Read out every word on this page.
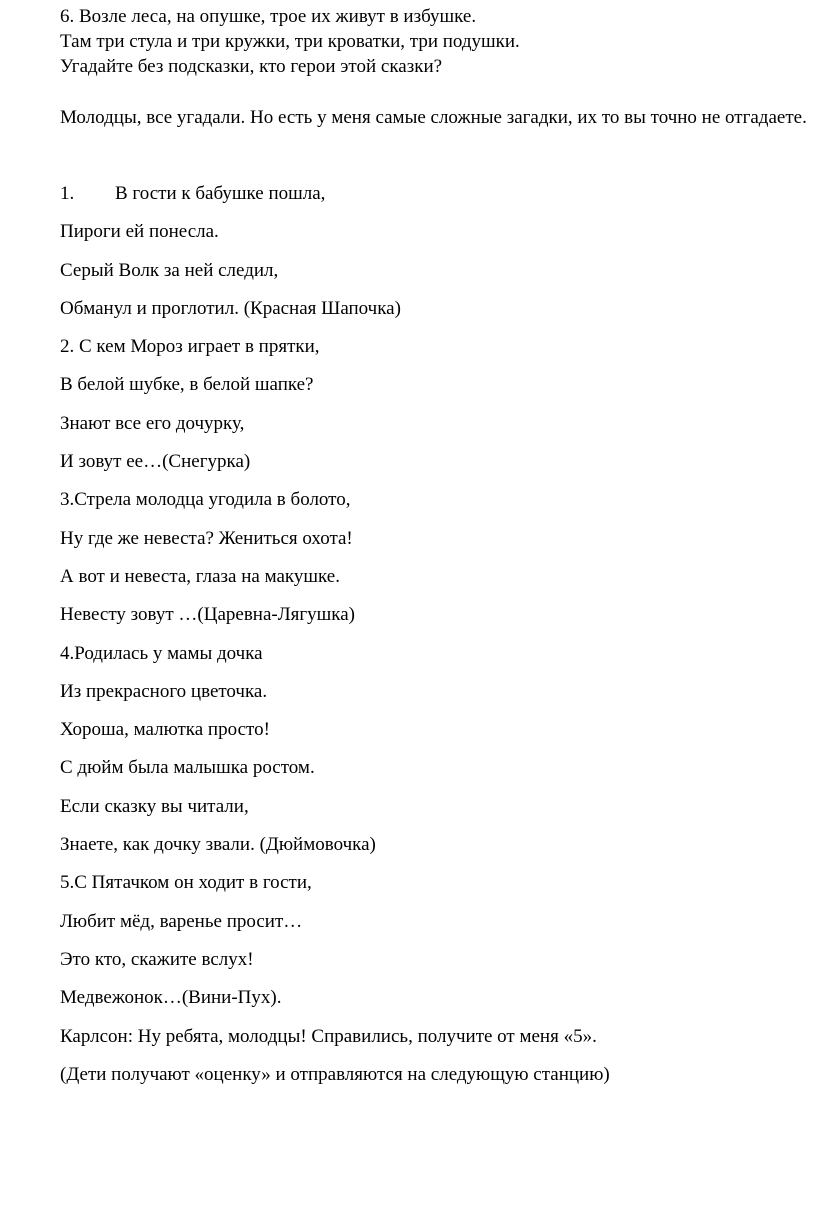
6. Возле леса, на опушке, трое их живут в избушке.
Там три стула и три кружки, три кроватки, три подушки.
Угадайте без подсказки, кто герои этой сказки?
Молодцы, все угадали. Но есть у меня самые сложные загадки, их то вы точно не отгадаете.
1. В гости к бабушке пошла,
Пироги ей понесла.
Серый Волк за ней следил,
Обманул и проглотил. (Красная Шапочка)
2. С кем Мороз играет в прятки,
В белой шубке, в белой шапке?
Знают все его дочурку,
И зовут ее…(Снегурка)
3.Стрела молодца угодила в болото,
Ну где же невеста? Жениться охота!
А вот и невеста, глаза на макушке.
Невесту зовут …(Царевна-Лягушка)
4.Родилась у мамы дочка
Из прекрасного цветочка.
Хороша, малютка просто!
С дюйм была малышка ростом.
Если сказку вы читали,
Знаете, как дочку звали. (Дюймовочка)
5.С Пятачком он ходит в гости,
Любит мёд, варенье просит…
Это кто, скажите вслух!
Медвежонок…(Вини-Пух).
Карлсон: Ну ребята, молодцы! Справились, получите от меня «5».
(Дети получают «оценку» и отправляются на следующую станцию)
